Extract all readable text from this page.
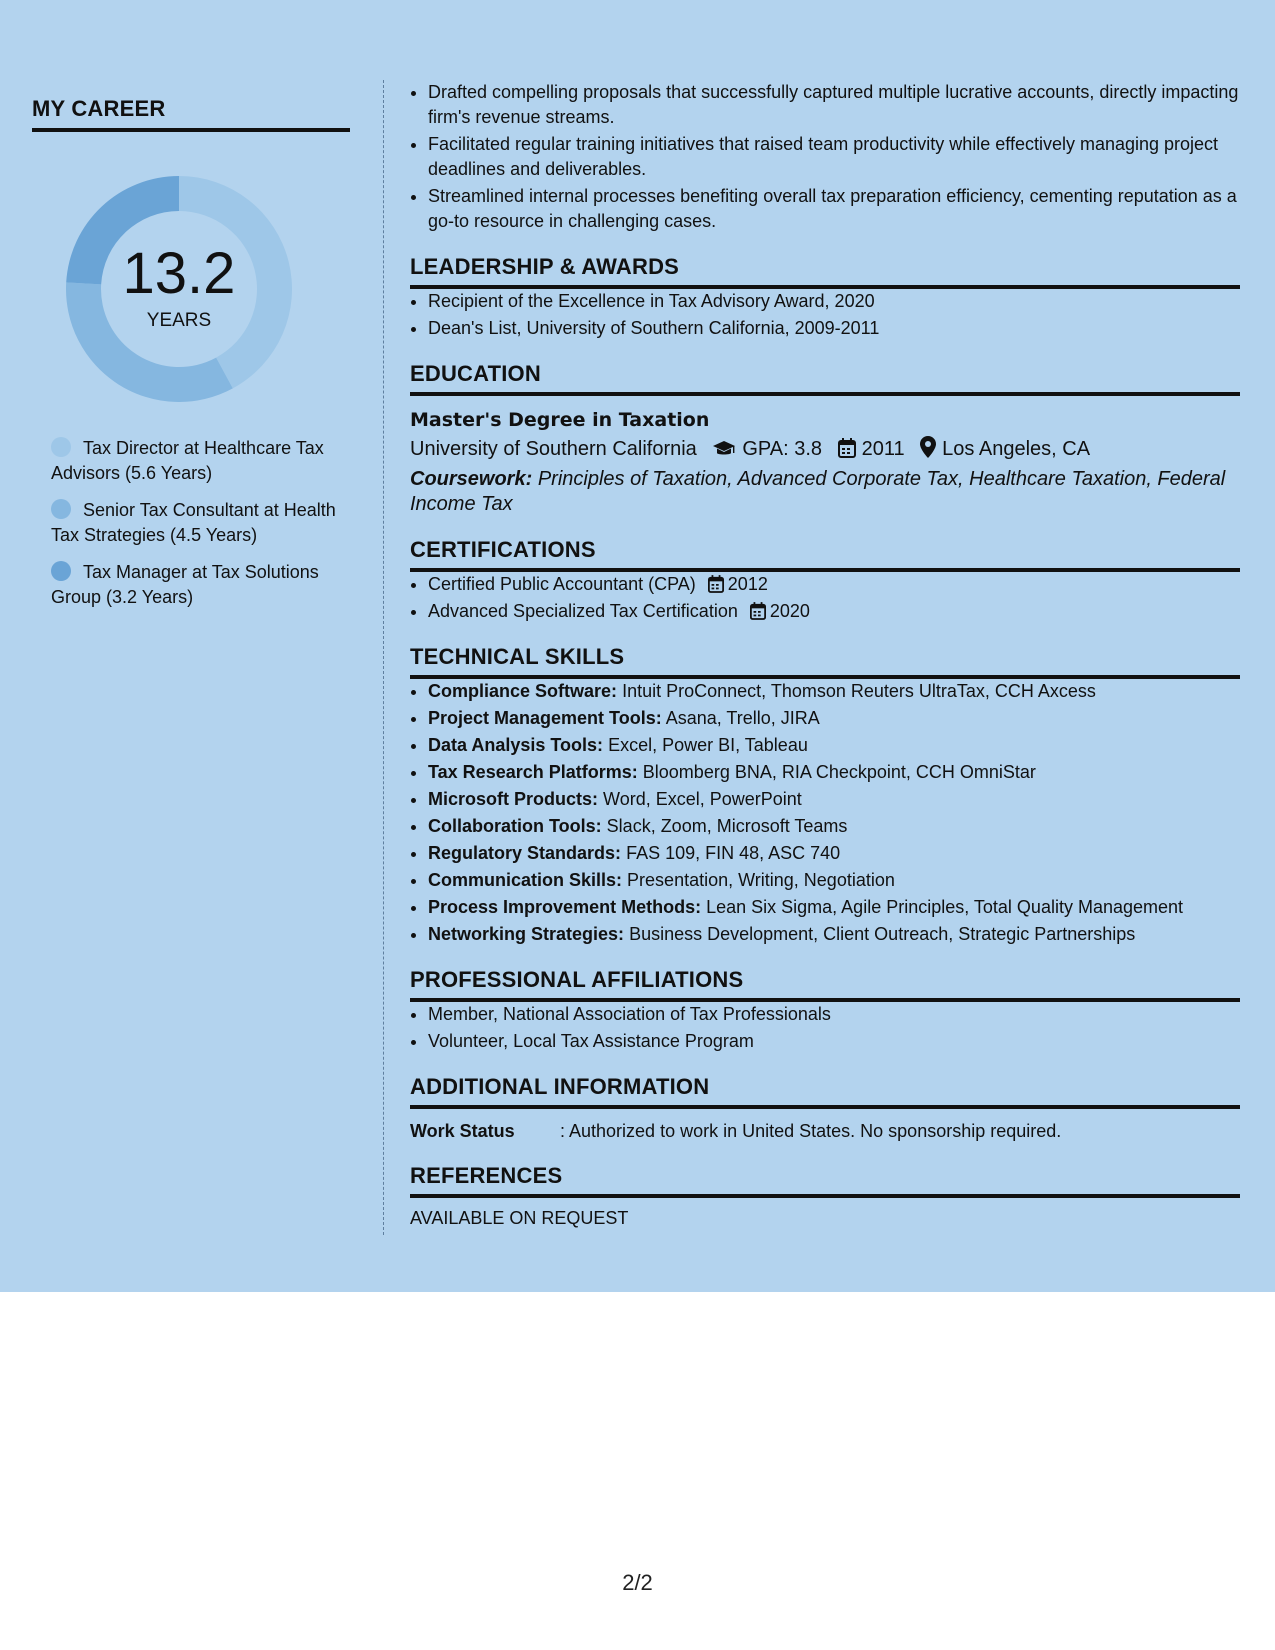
MY CAREER
13.2
YEARS
Tax Director at Healthcare Tax Advisors (5.6 Years)
Senior Tax Consultant at Health Tax Strategies (4.5 Years)
Tax Manager at Tax Solutions Group (3.2 Years)
• Drafted compelling proposals that successfully captured multiple lucrative accounts, directly impacting firm's revenue streams.
• Facilitated regular training initiatives that raised team productivity while effectively managing project deadlines and deliverables.
• Streamlined internal processes benefiting overall tax preparation efficiency, cementing reputation as a go-to resource in challenging cases.
LEADERSHIP & AWARDS
• Recipient of the Excellence in Tax Advisory Award, 2020
• Dean's List, University of Southern California, 2009-2011
EDUCATION
Master's Degree in Taxation
University of Southern California GPA: 3.8 2011 Los Angeles, CA
Coursework: Principles of Taxation, Advanced Corporate Tax, Healthcare Taxation, Federal Income Tax
CERTIFICATIONS
• Certified Public Accountant (CPA) 2012
• Advanced Specialized Tax Certification 2020
TECHNICAL SKILLS
• Compliance Software: Intuit ProConnect, Thomson Reuters UltraTax, CCH Axcess
• Project Management Tools: Asana, Trello, JIRA
• Data Analysis Tools: Excel, Power BI, Tableau
• Tax Research Platforms: Bloomberg BNA, RIA Checkpoint, CCH OmniStar
• Microsoft Products: Word, Excel, PowerPoint
• Collaboration Tools: Slack, Zoom, Microsoft Teams
• Regulatory Standards: FAS 109, FIN 48, ASC 740
• Communication Skills: Presentation, Writing, Negotiation
• Process Improvement Methods: Lean Six Sigma, Agile Principles, Total Quality Management
• Networking Strategies: Business Development, Client Outreach, Strategic Partnerships
PROFESSIONAL AFFILIATIONS
• Member, National Association of Tax Professionals
• Volunteer, Local Tax Assistance Program
ADDITIONAL INFORMATION
Work Status	: Authorized to work in United States. No sponsorship required.
REFERENCES
AVAILABLE ON REQUEST
2/2
